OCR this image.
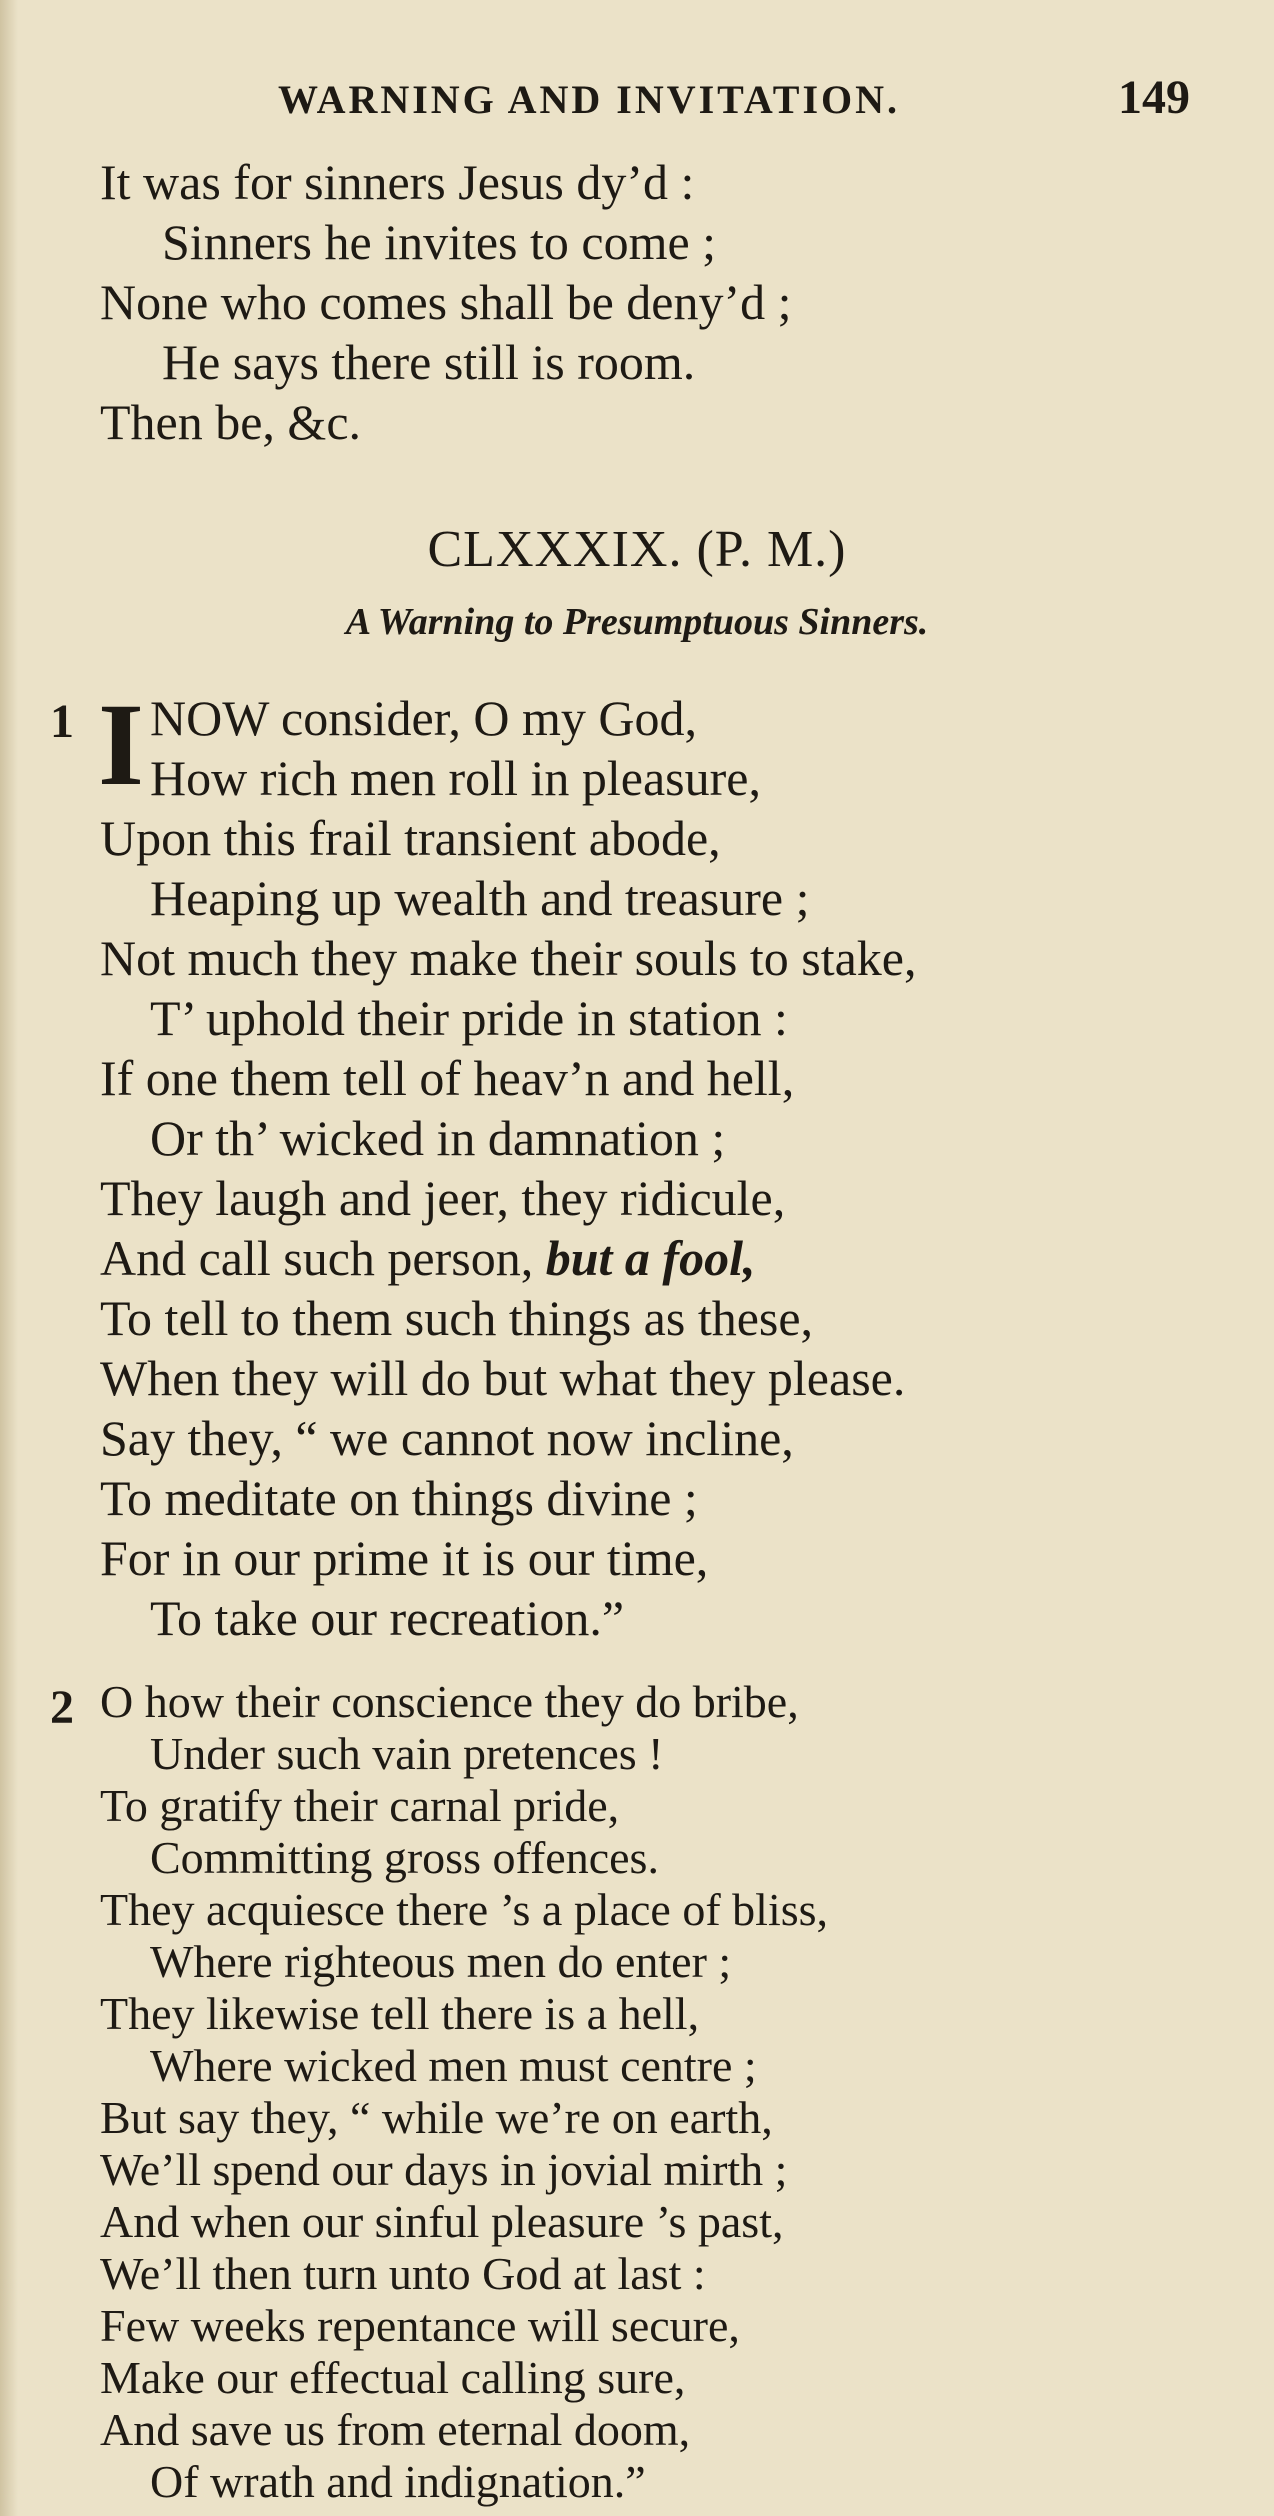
WARNING AND INVITATION.	149
It was for sinners Jesus dy’d :
Sinners he invites to come ;
None who comes shall be deny’d ;
He says there still is room.
Then be, &c.
CLXXXIX. (P. M.)
A Warning to Presumptuous Sinners.
1 I NOW consider, O my God,
How rich men roll in pleasure,
Upon this frail transient abode,
Heaping up wealth and treasure ;
Not much they make their souls to stake,
T’ uphold their pride in station :
If one them tell of heav’n and hell,
Or th’ wicked in damnation ;
They laugh and jeer, they ridicule,
And call such person, but a fool,
To tell to them such things as these,
When they will do but what they please.
Say they, “ we cannot now incline,
To meditate on things divine ;
For in our prime it is our time,
To take our recreation.”
2 O how their conscience they do bribe,
Under such vain pretences !
To gratify their carnal pride,
Committing gross offences.
They acquiesce there ’s a place of bliss,
Where righteous men do enter ;
They likewise tell there is a hell,
Where wicked men must centre ;
But say they, “ while we’re on earth,
We’ll spend our days in jovial mirth ;
And when our sinful pleasure ’s past,
We’ll then turn unto God at last :
Few weeks repentance will secure,
Make our effectual calling sure,
And save us from eternal doom,
Of wrath and indignation.”
